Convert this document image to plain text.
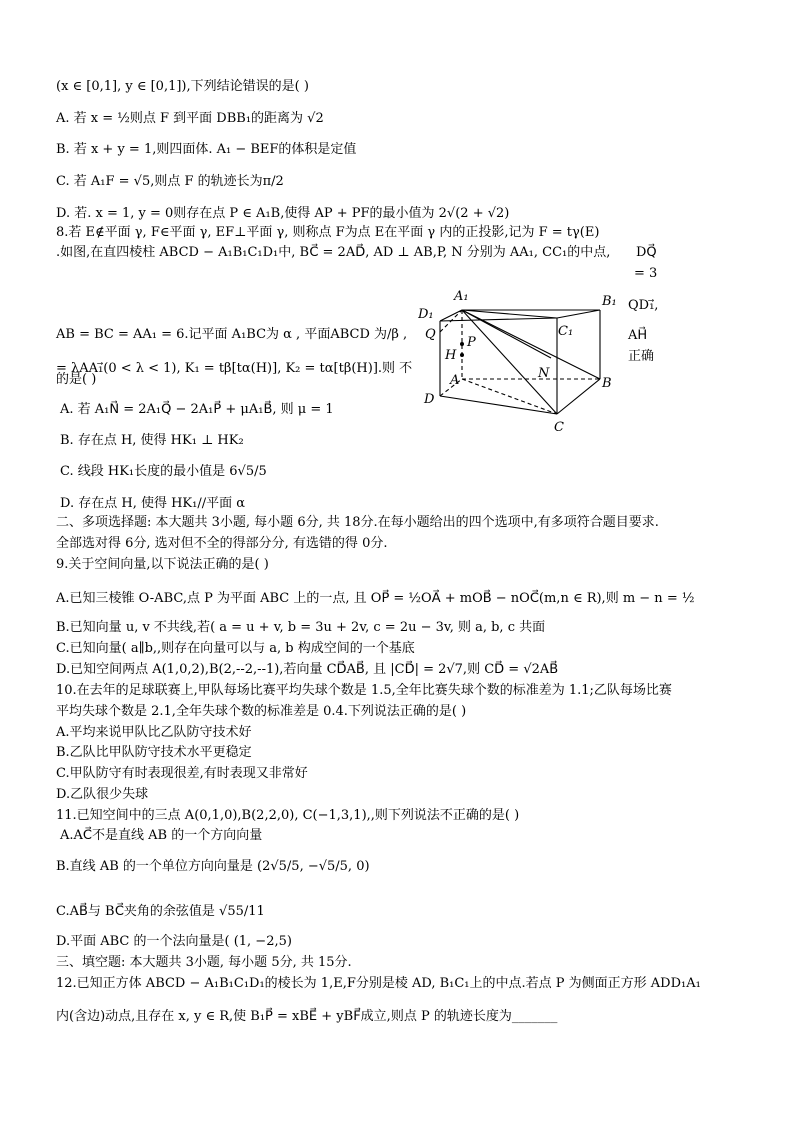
(x ∈ [0,1], y ∈ [0,1]),下列结论错误的是( )
A. 若 x = ½则点 F 到平面 DBB₁的距离为 √2
B. 若 x + y = 1,则四面体. A₁ − BEF的体积是定值
C. 若 A₁F = √5,则点 F 的轨迹长为π/2
D. 若. x = 1, y = 0则存在点 P ∈ A₁B,使得 AP + PF的最小值为 2√(2 + √2)
8.若 E∉平面 γ, F∈平面 γ, EF⊥平面 γ, 则称点 F为点 E在平面 γ 内的正投影,记为 F = tγ(E)
.如图,在直四棱柱 ABCD − A₁B₁C₁D₁中, BC⃗ = 2AD⃗, AD ⊥ AB,P, N 分别为 AA₁, CC₁的中点, DQ⃗
= 3
QD₁⃗,
AB = BC = AA₁ = 6.记平面 A₁BC为 α , 平面ABCD 为/β ,	AH⃗
正确
= λAA₁⃗(0 < λ < 1), K₁ = tβ[tα(H)], K₂ = tα[tβ(H)].则 不
的是( )
A₁	B₁
C₁
D₁
Q
P
H
A	B
C
D
N
A. 若 A₁N⃗ = 2A₁Q⃗ − 2A₁P⃗ + μA₁B⃗, 则 μ = 1
B. 存在点 H, 使得 HK₁ ⊥ HK₂
C. 线段 HK₁长度的最小值是 6√5/5
D. 存在点 H, 使得 HK₁//平面 α
二、多项选择题: 本大题共 3小题, 每小题 6分, 共 18分.在每小题给出的四个选项中,有多项符合题目要求.
全部选对得 6分, 选对但不全的得部分分, 有选错的得 0分.
9.关于空间向量,以下说法正确的是( )
A.已知三棱锥 O-ABC,点 P 为平面 ABC 上的一点, 且 OP⃗ = ½OA⃗ + mOB⃗ − nOC⃗(m,n ∈ R),则 m − n = ½
B.已知向量 u, v 不共线,若( a = u + v, b = 3u + 2v, c = 2u − 3v, 则 a, b, c 共面
C.已知向量( a∥b,,则存在向量可以与 a, b 构成空间的一个基底
D.已知空间两点 A(1,0,2),B(2,--2,--1),若向量 CD⃗AB⃗, 且 |CD⃗| = 2√7,则 CD⃗ = √2AB⃗
10.在去年的足球联赛上,甲队每场比赛平均失球个数是 1.5,全年比赛失球个数的标准差为 1.1;乙队每场比赛
平均失球个数是 2.1,全年失球个数的标准差是 0.4.下列说法正确的是( )
A.平均来说甲队比乙队防守技术好
B.乙队比甲队防守技术水平更稳定
C.甲队防守有时表现很差,有时表现又非常好
D.乙队很少失球
11.已知空间中的三点 A(0,1,0),B(2,2,0), C(−1,3,1),,则下列说法不正确的是( )
A.AC⃗不是直线 AB 的一个方向向量
B.直线 AB 的一个单位方向向量是 (2√5/5, −√5/5, 0)
C.AB⃗与 BC⃗夹角的余弦值是 √55/11
D.平面 ABC 的一个法向量是( (1, −2,5)
三、填空题: 本大题共 3小题, 每小题 5分, 共 15分.
12.已知正方体 ABCD − A₁B₁C₁D₁的棱长为 1,E,F分别是棱 AD, B₁C₁上的中点.若点 P 为侧面正方形 ADD₁A₁
内(含边)动点,且存在 x, y ∈ R,使 B₁P⃗ = xBE⃗ + yBF⃗成立,则点 P 的轨迹长度为_______
